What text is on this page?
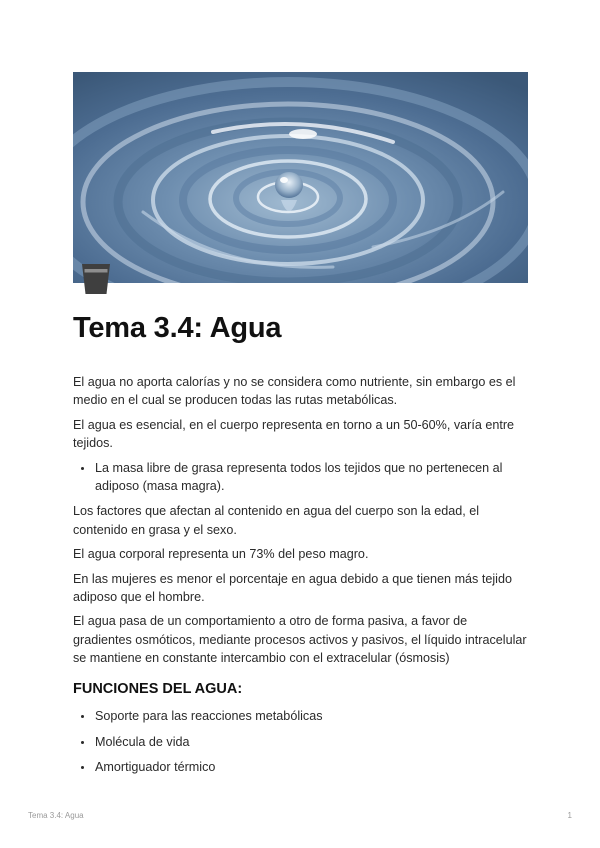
Tema 3.4: Agua

El agua no aporta calorías y no se considera como nutriente, sin embargo es el medio en el cual se producen todas las rutas metabólicas.

El agua es esencial, en el cuerpo representa en torno a un 50-60%, varía entre tejidos.

• La masa libre de grasa representa todos los tejidos que no pertenecen al adiposo (masa magra).

Los factores que afectan al contenido en agua del cuerpo son la edad, el contenido en grasa y el sexo.

El agua corporal representa un 73% del peso magro.

En las mujeres es menor el porcentaje en agua debido a que tienen más tejido adiposo que el hombre.

El agua pasa de un comportamiento a otro de forma pasiva, a favor de gradientes osmóticos, mediante procesos activos y pasivos, el líquido intracelular se mantiene en constante intercambio con el extracelular (ósmosis)

FUNCIONES DEL AGUA:
• Soporte para las reacciones metabólicas
• Molécula de vida
• Amortiguador térmico
Tema 3.4: Agua	1
